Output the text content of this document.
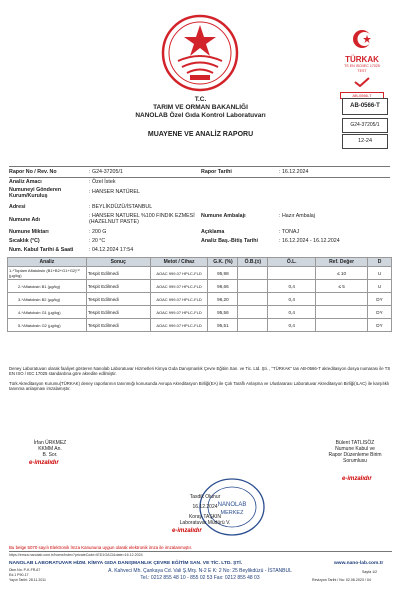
TÜRKAK
TS EN ISO/IEC 17025
TEST
AB-0566-T
T.C.
TARIM VE ORMAN BAKANLIĞI
NANOLAB Özel Gıda Kontrol Laboratuvarı
MUAYENE VE ANALİZ RAPORU
AB-0566-T
G24-37205/1
12-24
Rapor No / Rev. No	: G24-37205/1	Rapor Tarihi	: 16.12.2024
Analiz Amacı	: Özel İstek
Numuneyi Gönderen Kurum/Kuruluş
: HANSER NATÜREL
Adresi	: BEYLİKDÜZÜ/İSTANBUL
Numune Adı
: HANSER NATUREL %100 FINDIK EZMESİ (HAZELNUT PASTE)
Numune Ambalajı	: Hazır Ambalaj
Numune Miktarı	: 200 G	Açıklama	: TONAJ
Sıcaklık (°C)	: 20 °C	Analiz Baş.-Bitiş Tarihi	: 16.12.2024 - 16.12.2024
Num. Kabul Tarihi & Saati	: 04.12.2024 17:54
Analiz	Sonuç	Metot / Cihaz	G.K. (%)	Ö.B.(±)	Ö.L.	Ref. Değer	D
1-*Toplam Aflatoksin (B1+B2+G1+G2)⁽¹⁾ (µg/kg)	Tespit Edilmedi	AOAC 999.07 HPLC-FLD	95,98			≤ 10	U
2-*Aflatoksin B1 (µg/kg)	Tespit Edilmedi	AOAC 999.07 HPLC-FLD	96,66		0,4	≤ 5	U
3-*Aflatoksin B2 (µg/kg)	Tespit Edilmedi	AOAC 999.07 HPLC-FLD	96,20		0,4		DY
4-*Aflatoksin G1 (µg/kg)	Tespit Edilmedi	AOAC 999.07 HPLC-FLD	95,56		0,4		DY
5-*Aflatoksin G2 (µg/kg)	Tespit Edilmedi	AOAC 999.07 HPLC-FLD	95,51		0,4		DY
Deney Laboratuvarı olarak faaliyet gösteren Nanolab Laboratuvar Hizmetleri Kimya Gıda Danışmanlık Çevre Eğitim San. ve Tic. Ltd. Şti. , "TÜRKAK" tan AB-0566-T akreditasyon dosya numarası ile TS EN ISO / IEC 17025 standardına göre akredite edilmiştir.
Türk Akreditasyon Kurumu(TÜRKAK) deney raporlarının tanınmığı konusunda Avrupa Akreditasyon Birliği(EA) ile Çok Taraflı Anlaşma ve Uluslararası Laboratuvar Akreditasyon Birliği(ILAC) ile karşılıklı tanınma anlaşması imzalamıştır.
İrfan ÜRKMEZ
KKMM An.
B. Sor.
e-imzalıdır
Bülent TATLISÖZ
Numune Kabul ve
Rapor Düzenleme Birim
Sorumlusu
e-imzalıdır
NANOLAB
MERKEZ
Tasdik Olunur
16.12.2024
Koray TAŞKIN
Laboratuvar Müdürü V.
e-imzalıdır
Bu belge 5070 sayılı Elektronik İmza Kanununa uygun olarak elektronik imza ile imzalanmıştır.
https://emza.nanolab.com.tr/home/index?privateCode=IED1GACI&date=16.12.2024
NANOLAB LABORATUVAR HİZM. KİMYA GIDA DANIŞMANLIK ÇEVRE EĞİTİM SAN. VE TİC. LTD. ŞTİ.	www.nano-lab.com.tr
Dkm.No: P-K-FR-67
Ed.1 P90-17
Yayın Tarihi: 28.11.2011
A. Kahveci Mh. Çankaya Cd. Vali Ş.Mrş. N-2 E K: 2 No: 25 Beylikdüzü - İSTANBUL
Tel.: 0212 855 48 10 - 855 02 53 Fax: 0212 855 48 03
Sayfa 1/2
Revizyon Tarihi / No: 02.06.2023 / 04
